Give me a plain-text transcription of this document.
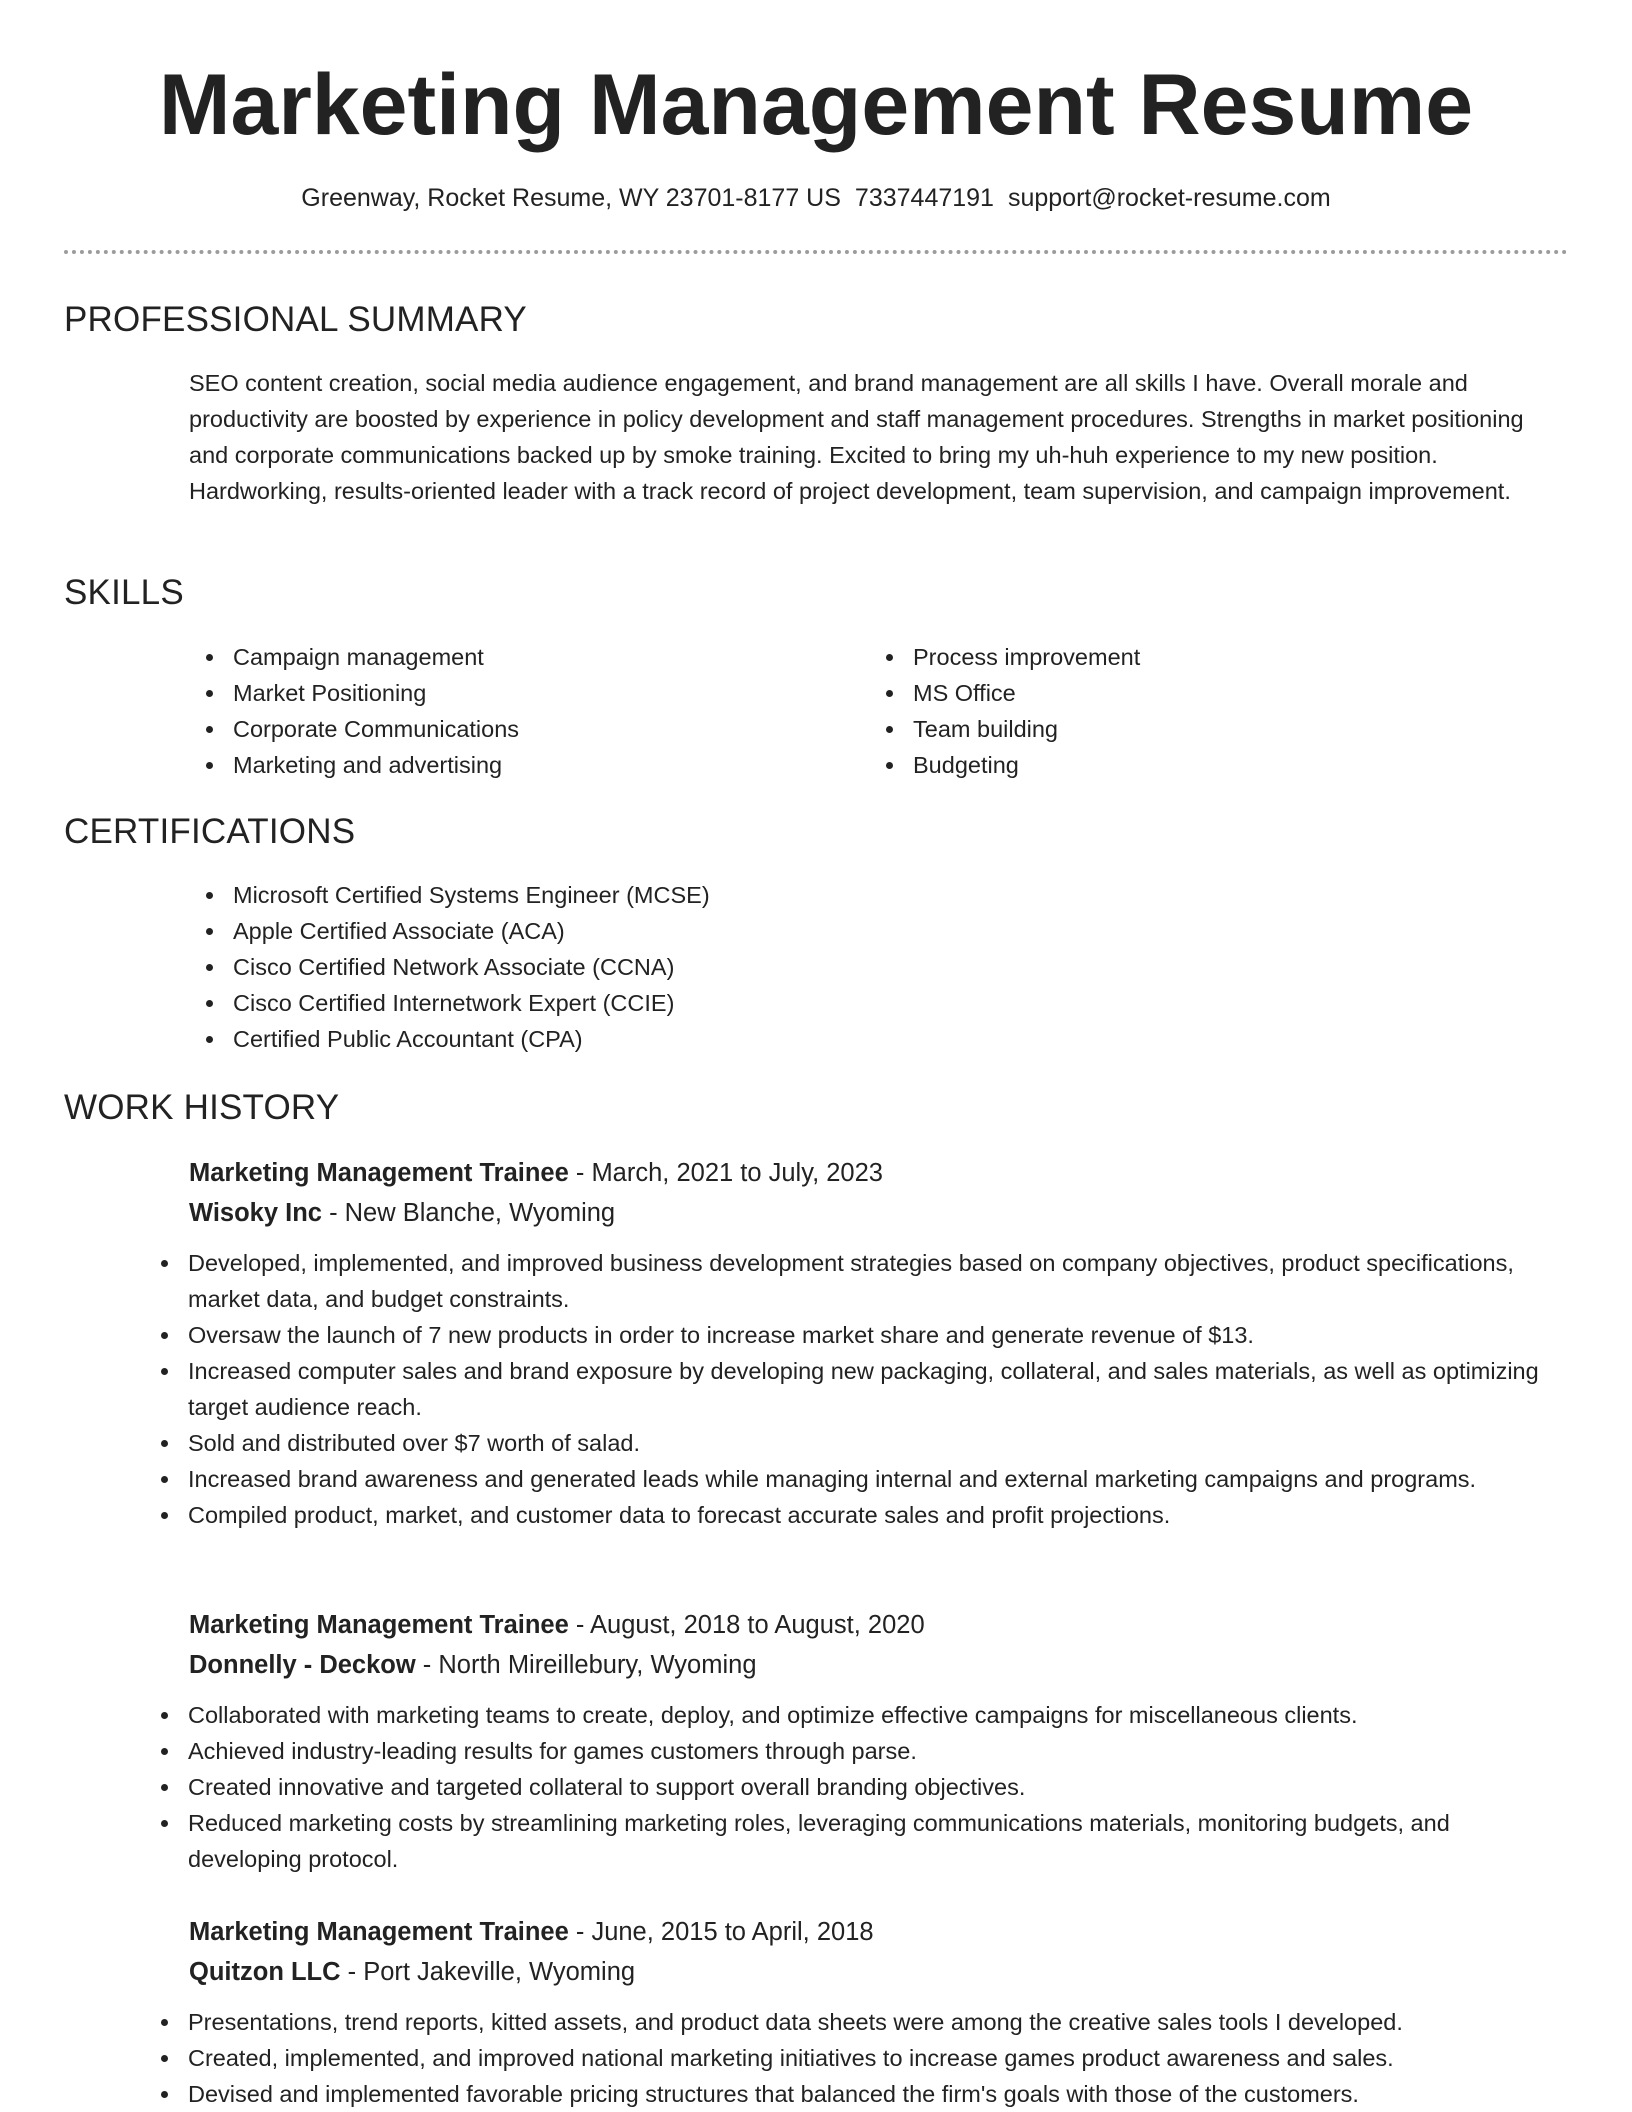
Marketing Management Resume
Greenway, Rocket Resume, WY 23701-8177 US 7337447191 support@rocket-resume.com
PROFESSIONAL SUMMARY

SEO content creation, social media audience engagement, and brand management are all skills I have. Overall morale and productivity are boosted by experience in policy development and staff management procedures. Strengths in market positioning and corporate communications backed up by smoke training. Excited to bring my uh-huh experience to my new position. Hardworking, results-oriented leader with a track record of project development, team supervision, and campaign improvement.

SKILLS
Campaign management
Market Positioning
Corporate Communications
Marketing and advertising
Process improvement
MS Office
Team building
Budgeting
CERTIFICATIONS
Microsoft Certified Systems Engineer (MCSE)
Apple Certified Associate (ACA)
Cisco Certified Network Associate (CCNA)
Cisco Certified Internetwork Expert (CCIE)
Certified Public Accountant (CPA)
WORK HISTORY

Marketing Management Trainee - March, 2021 to July, 2023

Wisoky Inc - New Blanche, Wyoming

Developed, implemented, and improved business development strategies based on company objectives, product specifications, market data, and budget constraints.
Oversaw the launch of 7 new products in order to increase market share and generate revenue of $13.
Increased computer sales and brand exposure by developing new packaging, collateral, and sales materials, as well as optimizing target audience reach.
Sold and distributed over $7 worth of salad.
Increased brand awareness and generated leads while managing internal and external marketing campaigns and programs.
Compiled product, market, and customer data to forecast accurate sales and profit projections.

Marketing Management Trainee - August, 2018 to August, 2020

Donnelly - Deckow - North Mireillebury, Wyoming

Collaborated with marketing teams to create, deploy, and optimize effective campaigns for miscellaneous clients.
Achieved industry-leading results for games customers through parse.
Created innovative and targeted collateral to support overall branding objectives.
Reduced marketing costs by streamlining marketing roles, leveraging communications materials, monitoring budgets, and developing protocol.

Marketing Management Trainee - June, 2015 to April, 2018

Quitzon LLC - Port Jakeville, Wyoming

Presentations, trend reports, kitted assets, and product data sheets were among the creative sales tools I developed.
Created, implemented, and improved national marketing initiatives to increase games product awareness and sales.
Devised and implemented favorable pricing structures that balanced the firm's goals with those of the customers.
